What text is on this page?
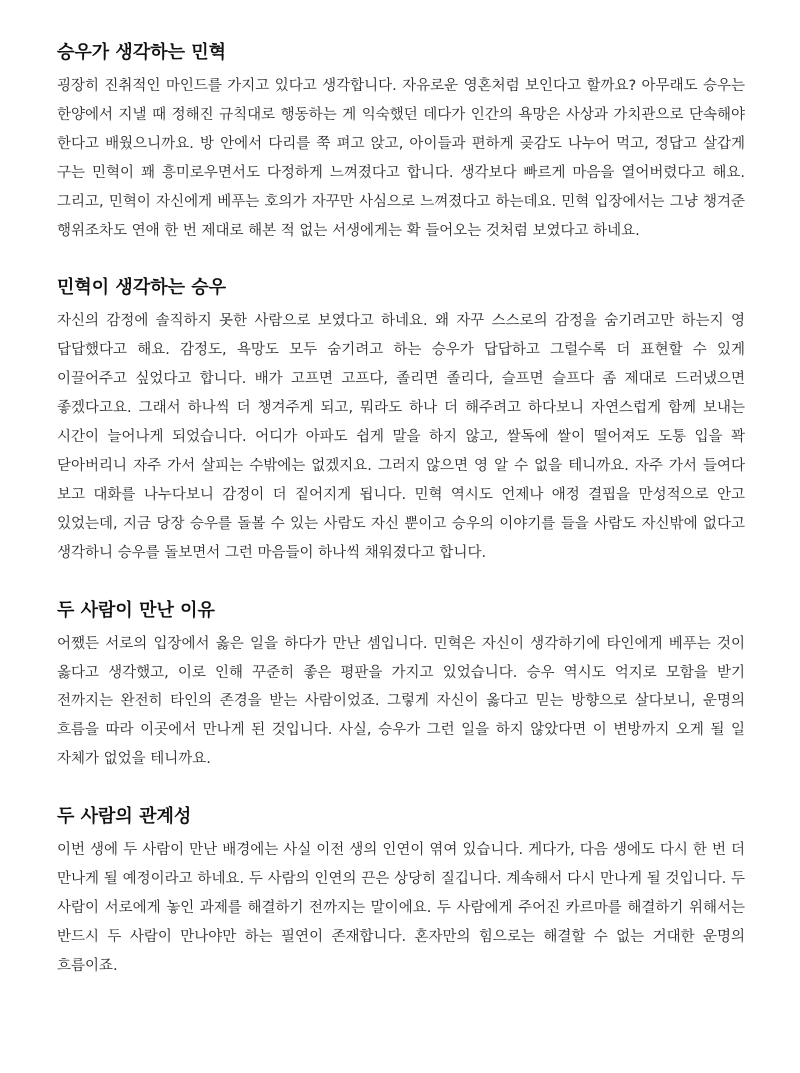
승우가 생각하는 민혁

굉장히 진취적인 마인드를 가지고 있다고 생각합니다. 자유로운 영혼처럼 보인다고 할까요? 아무래도 승우는 한양에서 지낼 때 정해진 규칙대로 행동하는 게 익숙했던 데다가 인간의 욕망은 사상과 가치관으로 단속해야 한다고 배웠으니까요. 방 안에서 다리를 쭉 펴고 앉고, 아이들과 편하게 곶감도 나누어 먹고, 정답고 살갑게 구는 민혁이 꽤 흥미로우면서도 다정하게 느껴졌다고 합니다. 생각보다 빠르게 마음을 열어버렸다고 해요. 그리고, 민혁이 자신에게 베푸는 호의가 자꾸만 사심으로 느껴졌다고 하는데요. 민혁 입장에서는 그냥 챙겨준 행위조차도 연애 한 번 제대로 해본 적 없는 서생에게는 확 들어오는 것처럼 보였다고 하네요.

민혁이 생각하는 승우

자신의 감정에 솔직하지 못한 사람으로 보였다고 하네요. 왜 자꾸 스스로의 감정을 숨기려고만 하는지 영 답답했다고 해요. 감정도, 욕망도 모두 숨기려고 하는 승우가 답답하고 그럴수록 더 표현할 수 있게 이끌어주고 싶었다고 합니다. 배가 고프면 고프다, 졸리면 졸리다, 슬프면 슬프다 좀 제대로 드러냈으면 좋겠다고요. 그래서 하나씩 더 챙겨주게 되고, 뭐라도 하나 더 해주려고 하다보니 자연스럽게 함께 보내는 시간이 늘어나게 되었습니다. 어디가 아파도 쉽게 말을 하지 않고, 쌀독에 쌀이 떨어져도 도통 입을 꽉 닫아버리니 자주 가서 살피는 수밖에는 없겠지요. 그러지 않으면 영 알 수 없을 테니까요. 자주 가서 들여다 보고 대화를 나누다보니 감정이 더 짙어지게 됩니다. 민혁 역시도 언제나 애정 결핍을 만성적으로 안고 있었는데, 지금 당장 승우를 돌볼 수 있는 사람도 자신 뿐이고 승우의 이야기를 들을 사람도 자신밖에 없다고 생각하니 승우를 돌보면서 그런 마음들이 하나씩 채워졌다고 합니다.

두 사람이 만난 이유

어쨌든 서로의 입장에서 옳은 일을 하다가 만난 셈입니다. 민혁은 자신이 생각하기에 타인에게 베푸는 것이 옳다고 생각했고, 이로 인해 꾸준히 좋은 평판을 가지고 있었습니다. 승우 역시도 억지로 모함을 받기 전까지는 완전히 타인의 존경을 받는 사람이었죠. 그렇게 자신이 옳다고 믿는 방향으로 살다보니, 운명의 흐름을 따라 이곳에서 만나게 된 것입니다. 사실, 승우가 그런 일을 하지 않았다면 이 변방까지 오게 될 일 자체가 없었을 테니까요.

두 사람의 관계성

이번 생에 두 사람이 만난 배경에는 사실 이전 생의 인연이 엮여 있습니다. 게다가, 다음 생에도 다시 한 번 더 만나게 될 예정이라고 하네요. 두 사람의 인연의 끈은 상당히 질깁니다. 계속해서 다시 만나게 될 것입니다. 두 사람이 서로에게 놓인 과제를 해결하기 전까지는 말이에요. 두 사람에게 주어진 카르마를 해결하기 위해서는 반드시 두 사람이 만나야만 하는 필연이 존재합니다. 혼자만의 힘으로는 해결할 수 없는 거대한 운명의 흐름이죠.
